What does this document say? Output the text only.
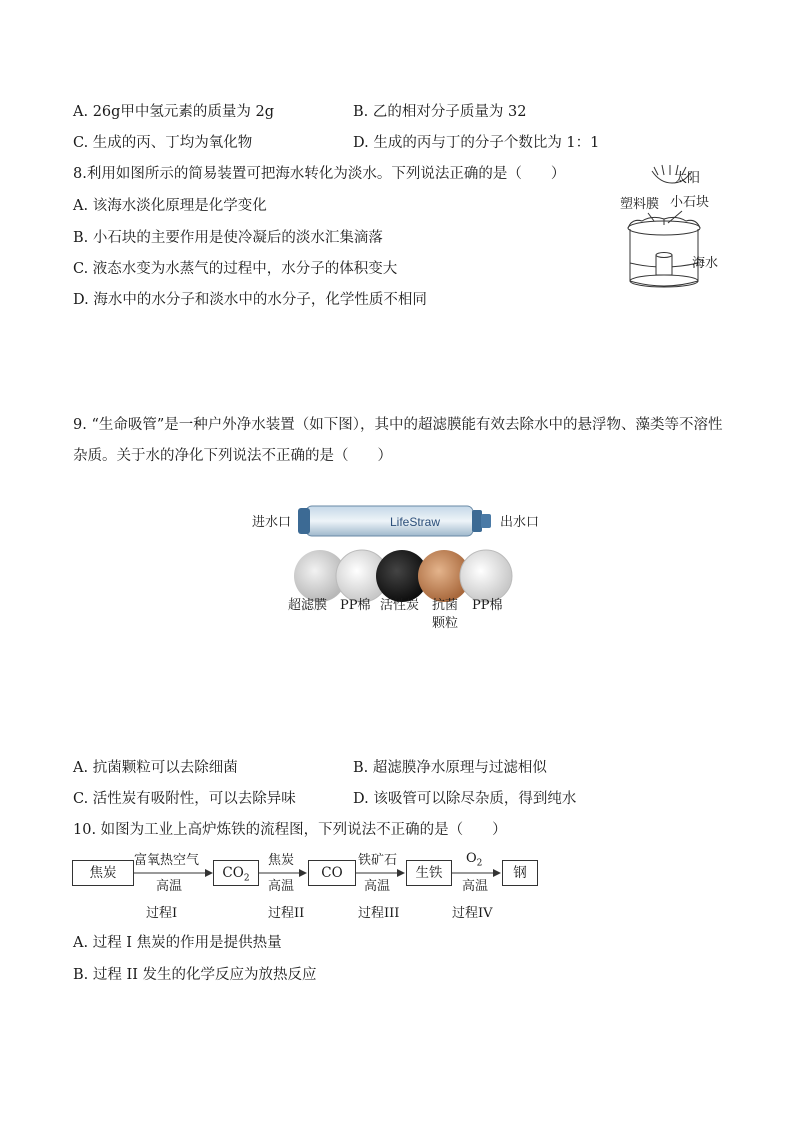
A. 26g甲中氢元素的质量为 2g	B. 乙的相对分子质量为 32
C. 生成的丙、丁均为氧化物	D. 生成的丙与丁的分子个数比为 1：1
8.利用如图所示的简易装置可把海水转化为淡水。下列说法正确的是（　　）
A. 该海水淡化原理是化学变化
B. 小石块的主要作用是使冷凝后的淡水汇集滴落
C. 液态水变为水蒸气的过程中，水分子的体积变大
D. 海水中的水分子和淡水中的水分子，化学性质不相同
太阳
塑料膜 小石块
海水
9. “生命吸管”是一种户外净水装置（如下图），其中的超滤膜能有效去除水中的悬浮物、藻类等不溶性
杂质。关于水的净化下列说法不正确的是（　　）
LifeStraw
进水口	出水口
超滤膜 PP棉 活性炭 抗菌
颗粒
PP棉
A. 抗菌颗粒可以去除细菌	B. 超滤膜净水原理与过滤相似
C. 活性炭有吸附性，可以去除异味	D. 该吸管可以除尽杂质，得到纯水
10. 如图为工业上高炉炼铁的流程图，下列说法不正确的是（　　）
焦炭
富氧热空气
高温
$CO_2$
焦炭
高温
CO
铁矿石
高温
生铁
$O_2$
高温
钢
过程I	过程II	过程III	过程IV
A. 过程 I 焦炭的作用是提供热量
B. 过程 II 发生的化学反应为放热反应
